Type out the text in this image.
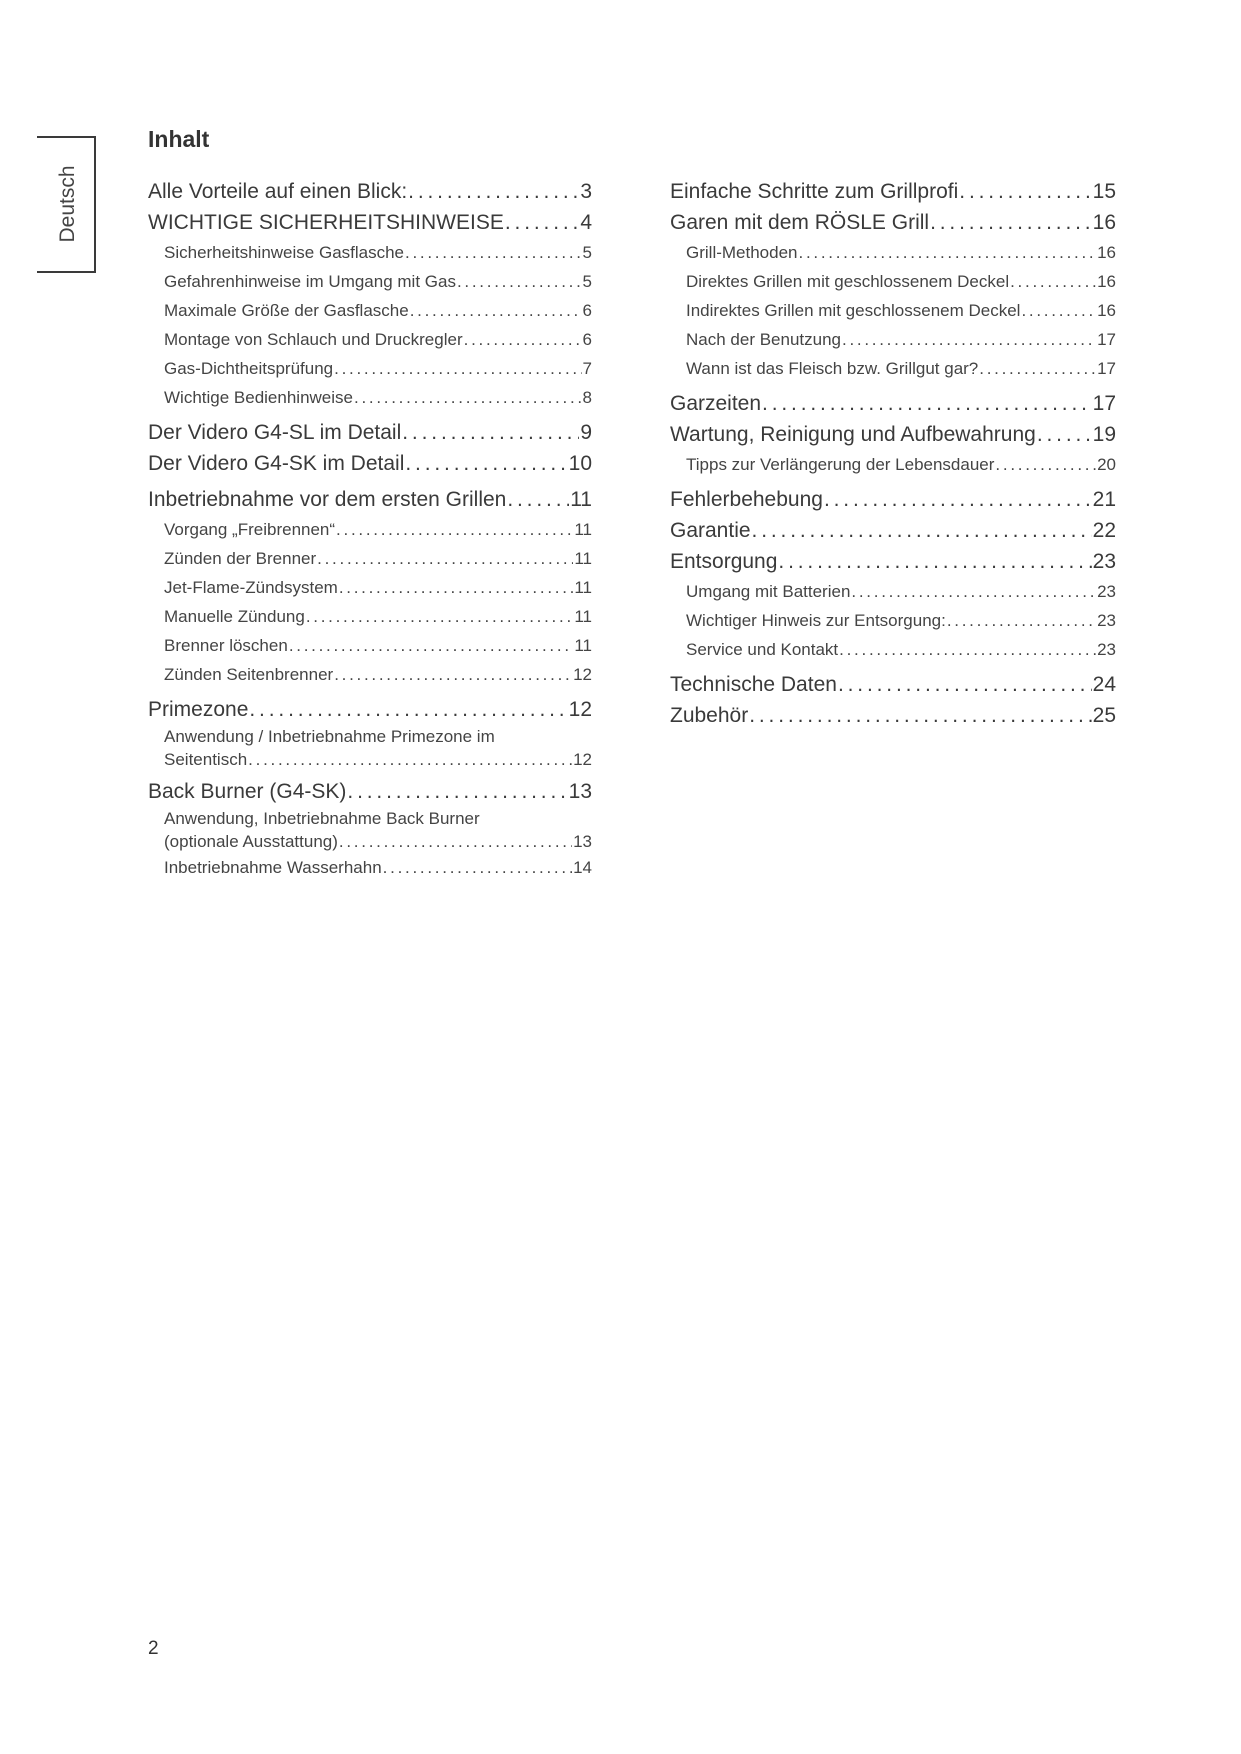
Deutsch
Inhalt
Alle Vorteile auf einen Blick: . . .	3
WICHTIGE SICHERHEITSHINWEISE . . .	4
Sicherheitshinweise Gasflasche . . .	5
Gefahrenhinweise im Umgang mit Gas . . .	5
Maximale Größe der Gasflasche . . .	6
Montage von Schlauch und Druckregler . . .	6
Gas-Dichtheitsprüfung . . .	7
Wichtige Bedienhinweise . . .	8
Der Videro G4-SL im Detail . . .	9
Der Videro G4-SK im Detail . . .	10
Inbetriebnahme vor dem ersten Grillen . . .	11
Vorgang „Freibrennen“ . . .	11
Zünden der Brenner . . .	11
Jet-Flame-Zündsystem . . .	11
Manuelle Zündung . . .	11
Brenner löschen . . .	11
Zünden Seitenbrenner . . .	12
Primezone . . .	12
Anwendung / Inbetriebnahme Primezone im
Seitentisch . . .	12
Back Burner (G4-SK) . . .	13
Anwendung, Inbetriebnahme Back Burner
(optionale Ausstattung) . . .	13
Inbetriebnahme Wasserhahn . . .	14
Einfache Schritte zum Grillprofi . . .	15
Garen mit dem RÖSLE Grill . . .	16
Grill-Methoden . . .	16
Direktes Grillen mit geschlossenem Deckel . . .	16
Indirektes Grillen mit geschlossenem Deckel . . .	16
Nach der Benutzung . . .	17
Wann ist das Fleisch bzw. Grillgut gar? . . .	17
Garzeiten . . .	17
Wartung, Reinigung und Aufbewahrung . . .	19
Tipps zur Verlängerung der Lebensdauer . . .	20
Fehlerbehebung . . .	21
Garantie . . .	22
Entsorgung . . .	23
Umgang mit Batterien . . .	23
Wichtiger Hinweis zur Entsorgung: . . .	23
Service und Kontakt . . .	23
Technische Daten . . .	24
Zubehör . . .	25
2
